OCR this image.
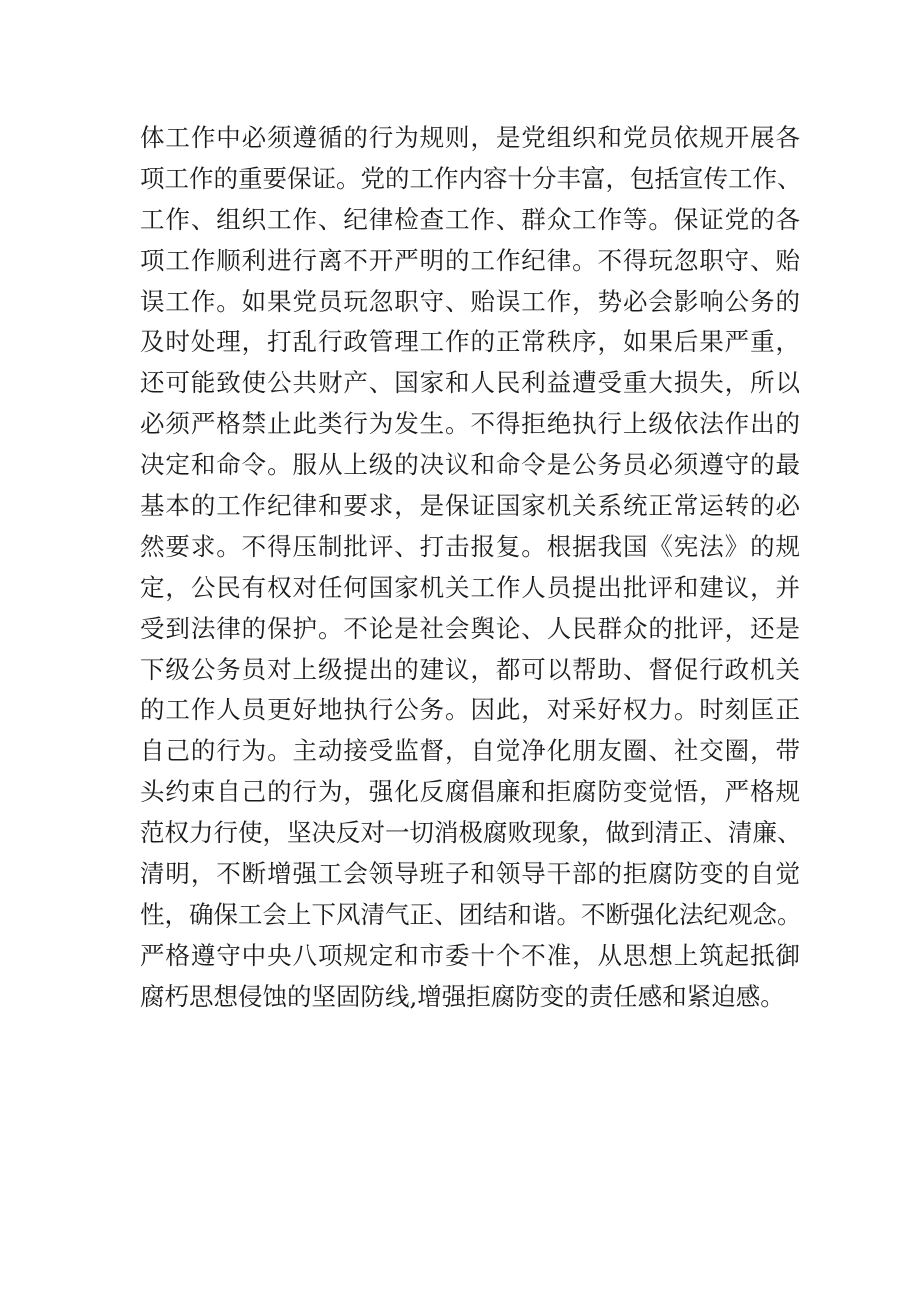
体工作中必须遵循的行为规则，是党组织和党员依规开展各
项工作的重要保证。党的工作内容十分丰富，包括宣传工作、
工作、组织工作、纪律检查工作、群众工作等。保证党的各
项工作顺利进行离不开严明的工作纪律。不得玩忽职守、贻
误工作。如果党员玩忽职守、贻误工作，势必会影响公务的
及时处理，打乱行政管理工作的正常秩序，如果后果严重，
还可能致使公共财产、国家和人民利益遭受重大损失，所以
必须严格禁止此类行为发生。不得拒绝执行上级依法作出的
决定和命令。服从上级的决议和命令是公务员必须遵守的最
基本的工作纪律和要求，是保证国家机关系统正常运转的必
然要求。不得压制批评、打击报复。根据我国《宪法》的规
定，公民有权对任何国家机关工作人员提出批评和建议，并
受到法律的保护。不论是社会舆论、人民群众的批评，还是
下级公务员对上级提出的建议，都可以帮助、督促行政机关
的工作人员更好地执行公务。因此，对采好权力。时刻匡正
自己的行为。主动接受监督，自觉净化朋友圈、社交圈，带
头约束自己的行为，强化反腐倡廉和拒腐防变觉悟，严格规
范权力行使，坚决反对一切消极腐败现象，做到清正、清廉、
清明，不断增强工会领导班子和领导干部的拒腐防变的自觉
性，确保工会上下风清气正、团结和谐。不断强化法纪观念。
严格遵守中央八项规定和市委十个不准，从思想上筑起抵御
腐朽思想侵蚀的坚固防线,增强拒腐防变的责任感和紧迫感。
